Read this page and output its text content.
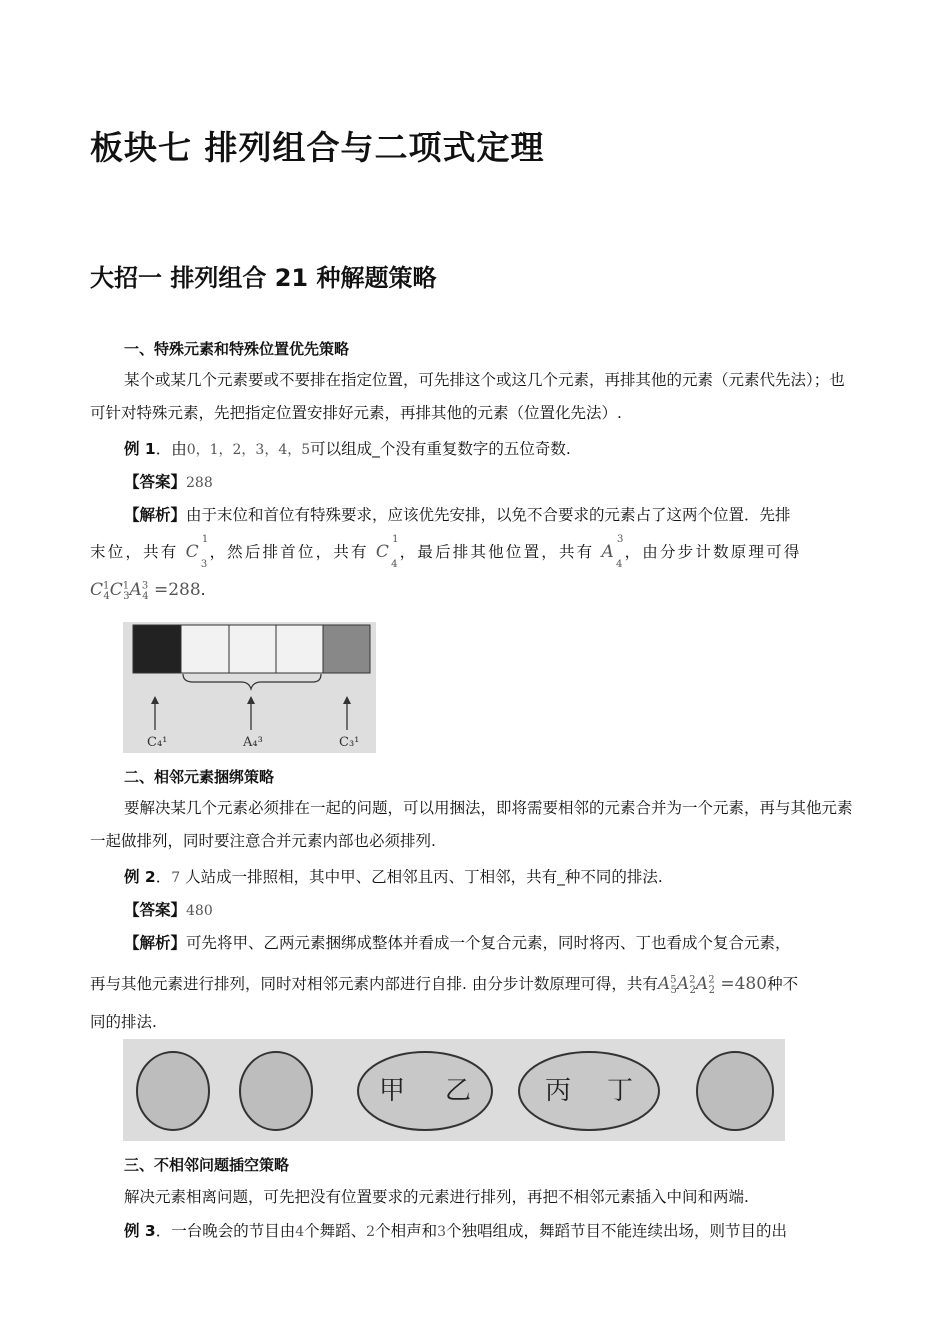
板块七 排列组合与二项式定理
大招一 排列组合 21 种解题策略
一、特殊元素和特殊位置优先策略

某个或某几个元素要或不要排在指定位置，可先排这个或这几个元素，再排其他的元素（元素代先法）；也可针对特殊元素，先把指定位置安排好元素，再排其他的元素（位置化先法）.

例 1．由0，1，2，3，4，5可以组成_个没有重复数字的五位奇数.

【答案】288

【解析】由于末位和首位有特殊要求，应该优先安排，以免不合要求的元素占了这两个位置．先排

末位，共有 C
1
$_3$，然后排首位，共有 C
1
$_4$，最后排其他位置，共有 A
3
$_4$，由分步计数原理可得

$C^1_4C^1_3A^3_4 =288$.

C₄¹	A₄³	C₃¹
二、相邻元素捆绑策略

要解决某几个元素必须排在一起的问题，可以用捆法，即将需要相邻的元素合并为一个元素，再与其他元素一起做排列，同时要注意合并元素内部也必须排列.

例 2．7 人站成一排照相，其中甲、乙相邻且丙、丁相邻，共有_种不同的排法.

【答案】480

【解析】可先将甲、乙两元素捆绑成整体并看成一个复合元素，同时将丙、丁也看成个复合元素，

再与其他元素进行排列，同时对相邻元素内部进行自排. 由分步计数原理可得，共有$A^5_5A^2_2A^2_2 =480$种不

同的排法.

甲 乙	丙 丁
三、不相邻问题插空策略

解决元素相离问题，可先把没有位置要求的元素进行排列，再把不相邻元素插入中间和两端.

例 3．一台晚会的节目由4个舞蹈、2个相声和3个独唱组成，舞蹈节目不能连续出场，则节目的出
